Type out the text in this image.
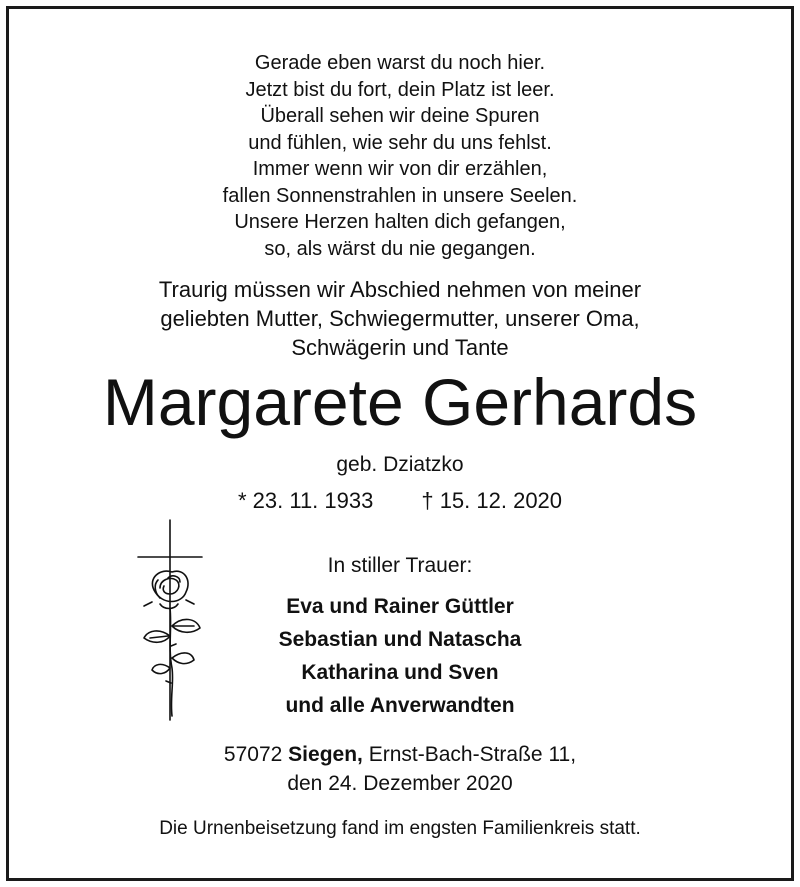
Gerade eben warst du noch hier.
Jetzt bist du fort, dein Platz ist leer.
Überall sehen wir deine Spuren
und fühlen, wie sehr du uns fehlst.
Immer wenn wir von dir erzählen,
fallen Sonnenstrahlen in unsere Seelen.
Unsere Herzen halten dich gefangen,
so, als wärst du nie gegangen.
Traurig müssen wir Abschied nehmen von meiner
geliebten Mutter, Schwiegermutter, unserer Oma,
Schwägerin und Tante
Margarete Gerhards
geb. Dziatzko
* 23. 11. 1933 † 15. 12. 2020
In stiller Trauer:
Eva und Rainer Güttler
Sebastian und Natascha
Katharina und Sven
und alle Anverwandten
57072 Siegen, Ernst-Bach-Straße 11,
den 24. Dezember 2020
Die Urnenbeisetzung fand im engsten Familienkreis statt.
